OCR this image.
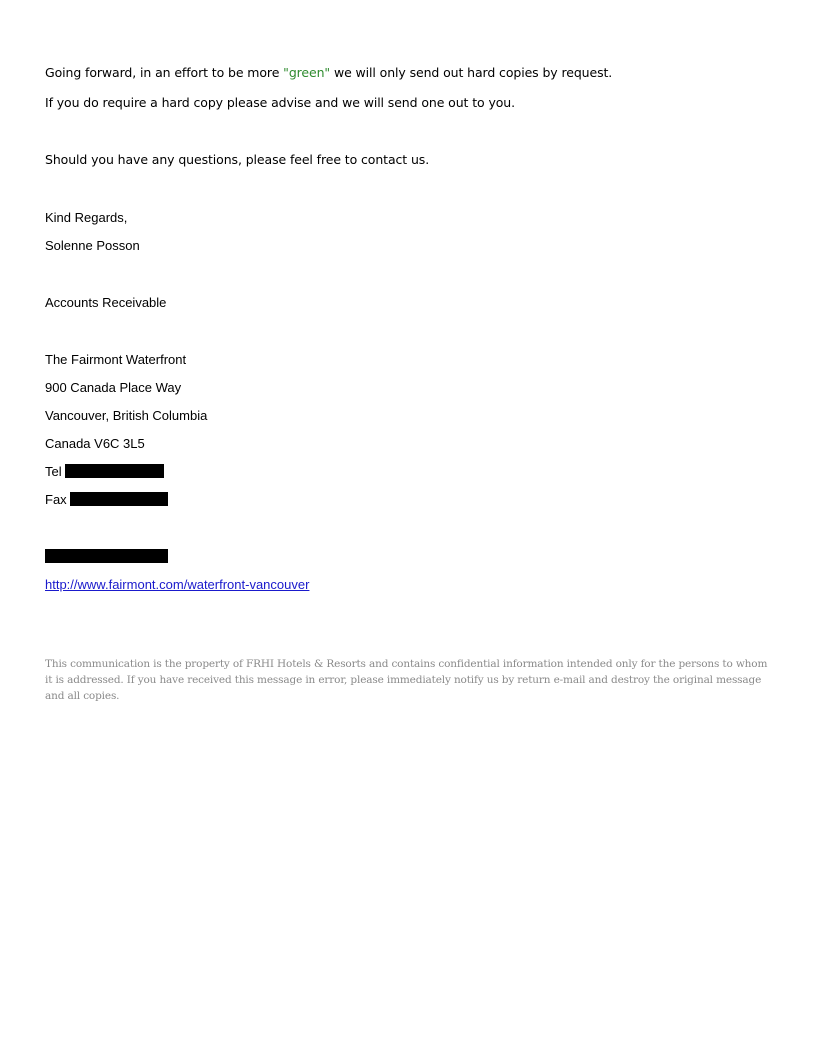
Going forward, in an effort to be more "green" we will only send out hard copies by request.
If you do require a hard copy please advise and we will send one out to you.
Should you have any questions, please feel free to contact us.
Kind Regards,
Solenne Posson
Accounts Receivable
The Fairmont Waterfront
900 Canada Place Way
Vancouver, British Columbia
Canada V6C 3L5
Tel
Fax
http://www.fairmont.com/waterfront-vancouver
This communication is the property of FRHI Hotels & Resorts and contains confidential information intended only for the persons to whom it is addressed. If you have received this message in error, please immediately notify us by return e-mail and destroy the original message and all copies.
